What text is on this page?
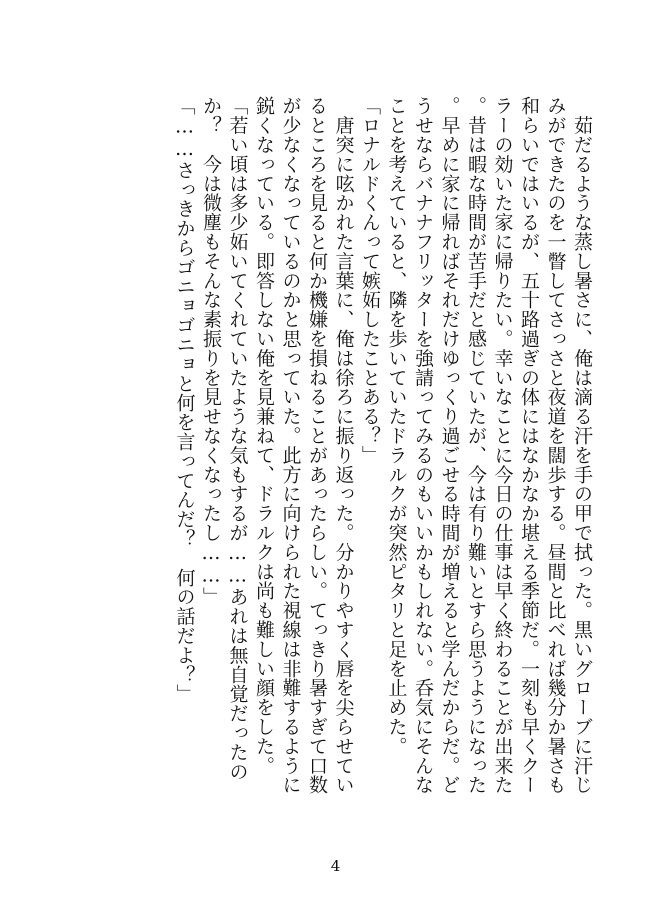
　茹だるような蒸し暑さに、俺は滴る汗を手の甲で拭った。黒いグローブに汗じみができたのを一瞥してさっさと夜道を闊歩する。昼間と比べれば幾分か暑さも和らいではいるが、五十路過ぎの体にはなかなか堪える季節だ。一刻も早くクーラーの効いた家に帰りたい。幸いなことに今日の仕事は早く終わることが出来た。昔は暇な時間が苦手だと感じていたが、今は有り難いとすら思うようになった。早めに家に帰ればそれだけゆっくり過ごせる時間が増えると学んだからだ。どうせならバナナフリッターを強請ってみるのもいいかもしれない。呑気にそんなことを考えていると、隣を歩いていたドラルクが突然ピタリと足を止めた。

「ロナルドくんって嫉妬したことある？」

　唐突に呟かれた言葉に、俺は徐ろに振り返った。分かりやすく唇を尖らせているところを見ると何か機嫌を損ねることがあったらしい。てっきり暑すぎて口数が少なくなっているのかと思っていた。此方に向けられた視線は非難するように鋭くなっている。即答しない俺を見兼ねて、ドラルクは尚も難しい顔をした。

「若い頃は多少妬いてくれていたような気もするが……あれは無自覚だったのか？　今は微塵もそんな素振りを見せなくなったし……」

「……さっきからゴニョゴニョと何を言ってんだ？　何の話だよ？」

4
